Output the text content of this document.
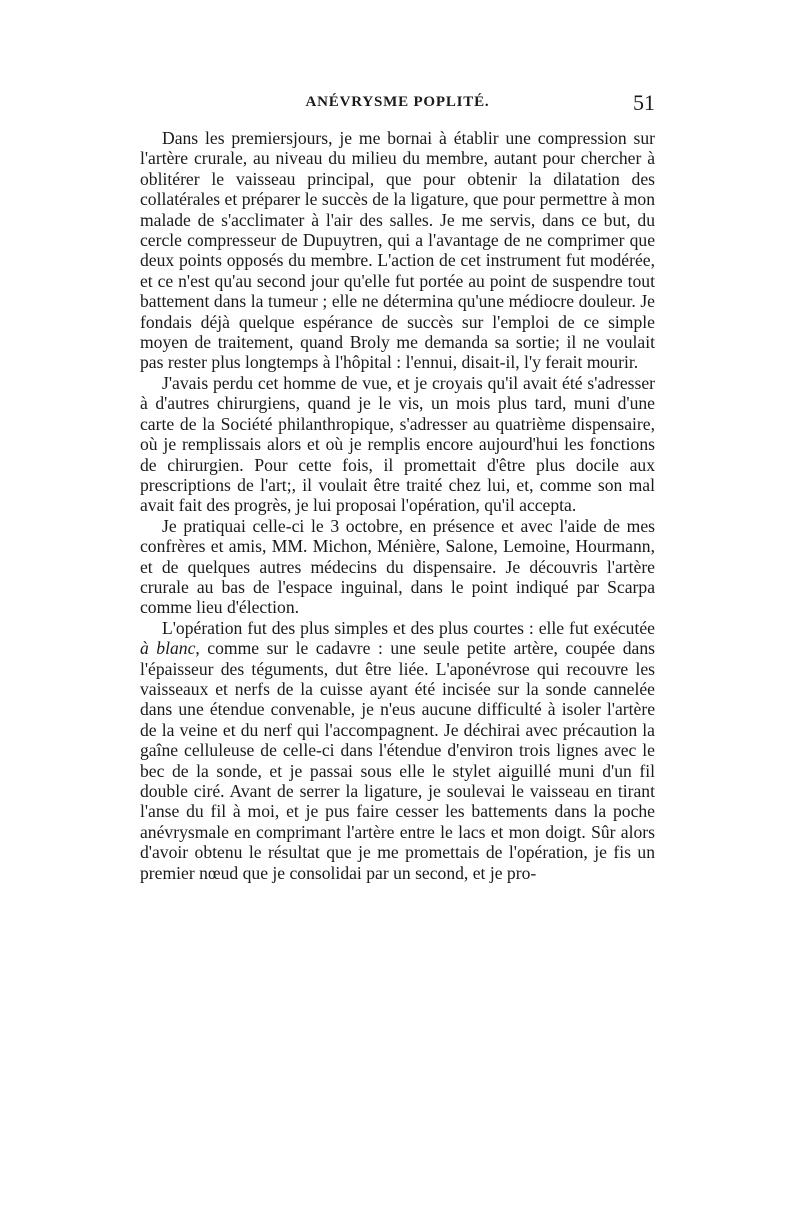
ANÉVRYSME POPLITÉ.	51

Dans les premiersjours, je me bornai à établir une compression sur l'artère crurale, au niveau du milieu du membre, autant pour chercher à oblitérer le vaisseau principal, que pour obtenir la dilatation des collatérales et préparer le succès de la ligature, que pour permettre à mon malade de s'acclimater à l'air des salles. Je me servis, dans ce but, du cercle compresseur de Dupuytren, qui a l'avantage de ne comprimer que deux points opposés du membre. L'action de cet instrument fut modérée, et ce n'est qu'au second jour qu'elle fut portée au point de suspendre tout battement dans la tumeur ; elle ne détermina qu'une médiocre douleur. Je fondais déjà quelque espérance de succès sur l'emploi de ce simple moyen de traitement, quand Broly me demanda sa sortie; il ne voulait pas rester plus longtemps à l'hôpital : l'ennui, disait-il, l'y ferait mourir.

J'avais perdu cet homme de vue, et je croyais qu'il avait été s'adresser à d'autres chirurgiens, quand je le vis, un mois plus tard, muni d'une carte de la Société philanthropique, s'adresser au quatrième dispensaire, où je remplissais alors et où je remplis encore aujourd'hui les fonctions de chirurgien. Pour cette fois, il promettait d'être plus docile aux prescriptions de l'art;, il voulait être traité chez lui, et, comme son mal avait fait des progrès, je lui proposai l'opération, qu'il accepta.

Je pratiquai celle-ci le 3 octobre, en présence et avec l'aide de mes confrères et amis, MM. Michon, Ménière, Salone, Lemoine, Hourmann, et de quelques autres médecins du dispensaire. Je découvris l'artère crurale au bas de l'espace inguinal, dans le point indiqué par Scarpa comme lieu d'élection.

L'opération fut des plus simples et des plus courtes : elle fut exécutée à blanc, comme sur le cadavre : une seule petite artère, coupée dans l'épaisseur des téguments, dut être liée. L'aponévrose qui recouvre les vaisseaux et nerfs de la cuisse ayant été incisée sur la sonde cannelée dans une étendue convenable, je n'eus aucune difficulté à isoler l'artère de la veine et du nerf qui l'accompagnent. Je déchirai avec précaution la gaîne celluleuse de celle-ci dans l'étendue d'environ trois lignes avec le bec de la sonde, et je passai sous elle le stylet aiguillé muni d'un fil double ciré. Avant de serrer la ligature, je soulevai le vaisseau en tirant l'anse du fil à moi, et je pus faire cesser les battements dans la poche anévrysmale en comprimant l'artère entre le lacs et mon doigt. Sûr alors d'avoir obtenu le résultat que je me promettais de l'opération, je fis un premier nœud que je consolidai par un second, et je pro-
